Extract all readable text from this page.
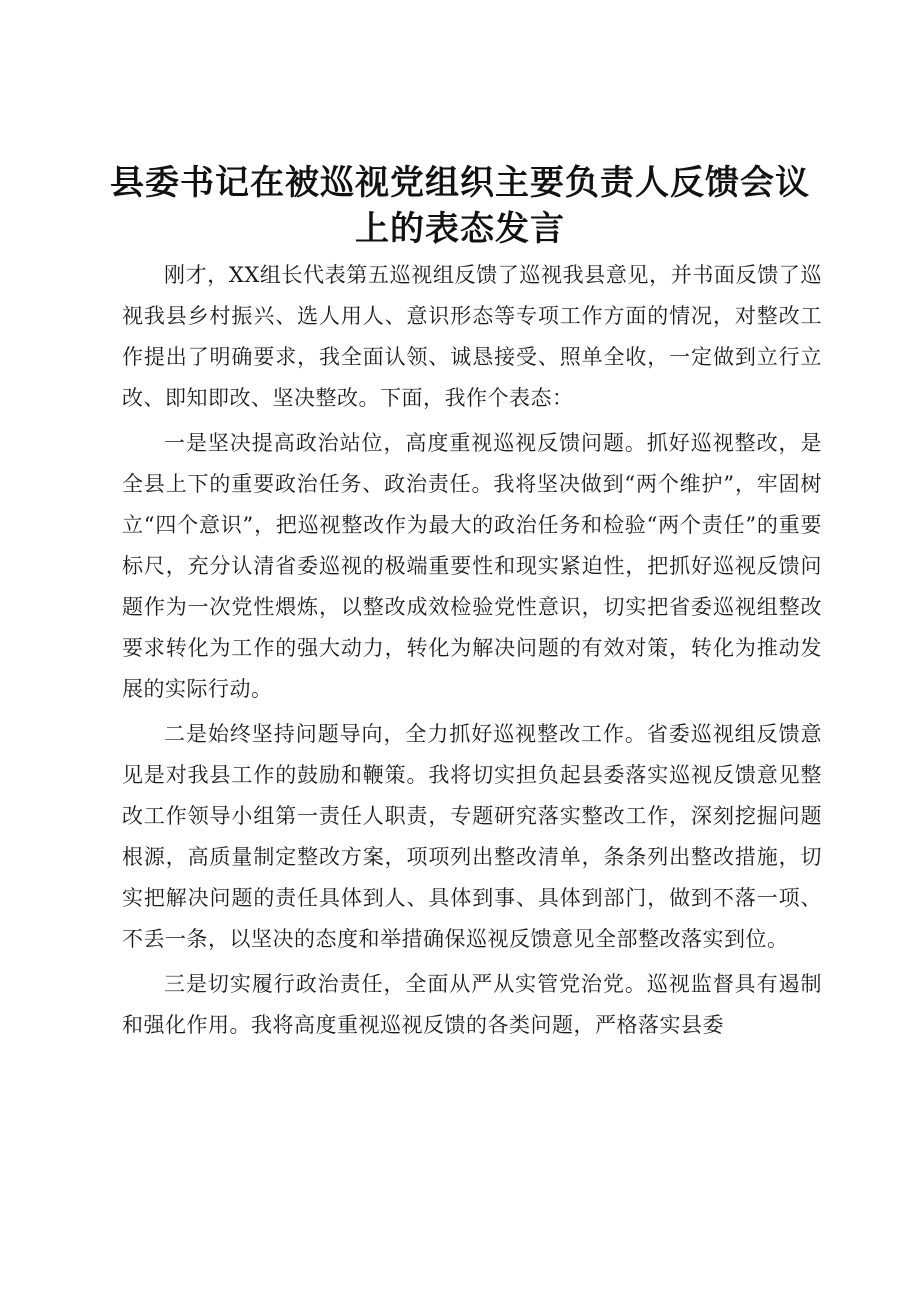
县委书记在被巡视党组织主要负责人反馈会议上的表态发言

刚才，XX组长代表第五巡视组反馈了巡视我县意见，并书面反馈了巡视我县乡村振兴、选人用人、意识形态等专项工作方面的情况，对整改工作提出了明确要求，我全面认领、诚恳接受、照单全收，一定做到立行立改、即知即改、坚决整改。下面，我作个表态：

一是坚决提高政治站位，高度重视巡视反馈问题。抓好巡视整改，是全县上下的重要政治任务、政治责任。我将坚决做到“两个维护”，牢固树立“四个意识”，把巡视整改作为最大的政治任务和检验“两个责任”的重要标尺，充分认清省委巡视的极端重要性和现实紧迫性，把抓好巡视反馈问题作为一次党性煨炼，以整改成效检验党性意识，切实把省委巡视组整改要求转化为工作的强大动力，转化为解决问题的有效对策，转化为推动发展的实际行动。

二是始终坚持问题导向，全力抓好巡视整改工作。省委巡视组反馈意见是对我县工作的鼓励和鞭策。我将切实担负起县委落实巡视反馈意见整改工作领导小组第一责任人职责，专题研究落实整改工作，深刻挖掘问题根源，高质量制定整改方案，项项列出整改清单，条条列出整改措施，切实把解决问题的责任具体到人、具体到事、具体到部门，做到不落一项、不丢一条，以坚决的态度和举措确保巡视反馈意见全部整改落实到位。

三是切实履行政治责任，全面从严从实管党治党。巡视监督具有遏制和强化作用。我将高度重视巡视反馈的各类问题，严格落实县委
